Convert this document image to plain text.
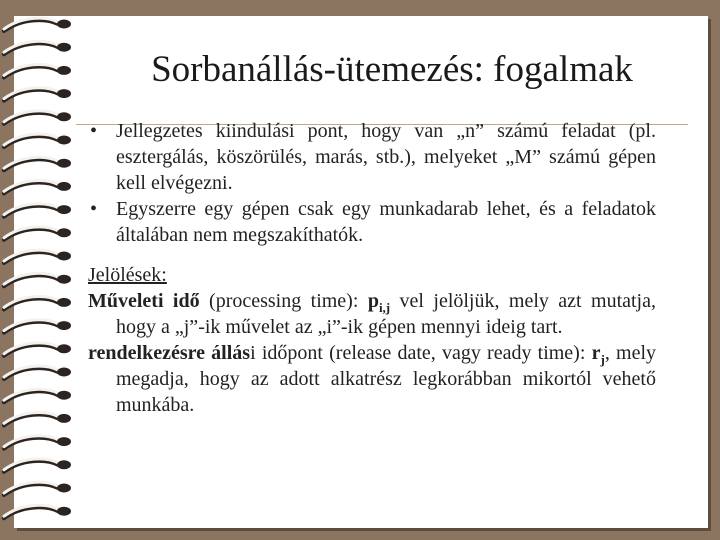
Sorbanállás-ütemezés: fogalmak

• Jellegzetes kiindulási pont, hogy van „n” számú feladat (pl. esztergálás, köszörülés, marás, stb.), melyeket „M” számú gépen kell elvégezni.

• Egyszerre egy gépen csak egy munkadarab lehet, és a feladatok általában nem megszakíthatók.

Jelölések:

Műveleti idő (processing time): $p_{i,j}$ vel jelöljük, mely azt mutatja, hogy a „j”-ik művelet az „i”-ik gépen mennyi ideig tart.

rendelkezésre állási időpont (release date, vagy ready time): $r_j$, mely megadja, hogy az adott alkatrész legkorábban mikortól vehető munkába.
